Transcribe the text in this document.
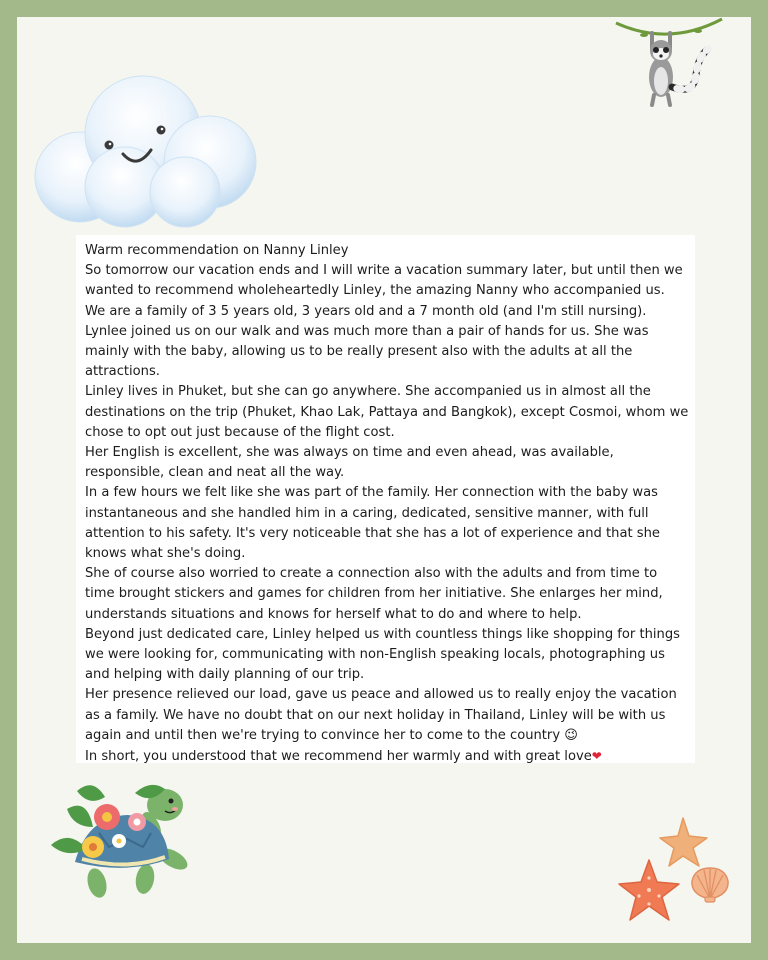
Warm recommendation on Nanny Linley

So tomorrow our vacation ends and I will write a vacation summary later, but until then we wanted to recommend wholeheartedly Linley, the amazing Nanny who accompanied us.

We are a family of 3 5 years old, 3 years old and a 7 month old (and I'm still nursing).

Lynlee joined us on our walk and was much more than a pair of hands for us. She was mainly with the baby, allowing us to be really present also with the adults at all the attractions.

Linley lives in Phuket, but she can go anywhere. She accompanied us in almost all the destinations on the trip (Phuket, Khao Lak, Pattaya and Bangkok), except Cosmoi, whom we chose to opt out just because of the flight cost.

Her English is excellent, she was always on time and even ahead, was available, responsible, clean and neat all the way.

In a few hours we felt like she was part of the family. Her connection with the baby was instantaneous and she handled him in a caring, dedicated, sensitive manner, with full attention to his safety. It's very noticeable that she has a lot of experience and that she knows what she's doing.

She of course also worried to create a connection also with the adults and from time to time brought stickers and games for children from her initiative. She enlarges her mind, understands situations and knows for herself what to do and where to help.

Beyond just dedicated care, Linley helped us with countless things like shopping for things we were looking for, communicating with non-English speaking locals, photographing us and helping with daily planning of our trip.

Her presence relieved our load, gave us peace and allowed us to really enjoy the vacation as a family. We have no doubt that on our next holiday in Thailand, Linley will be with us again and until then we're trying to convince her to come to the country 😉

In short, you understood that we recommend her warmly and with great love❤
